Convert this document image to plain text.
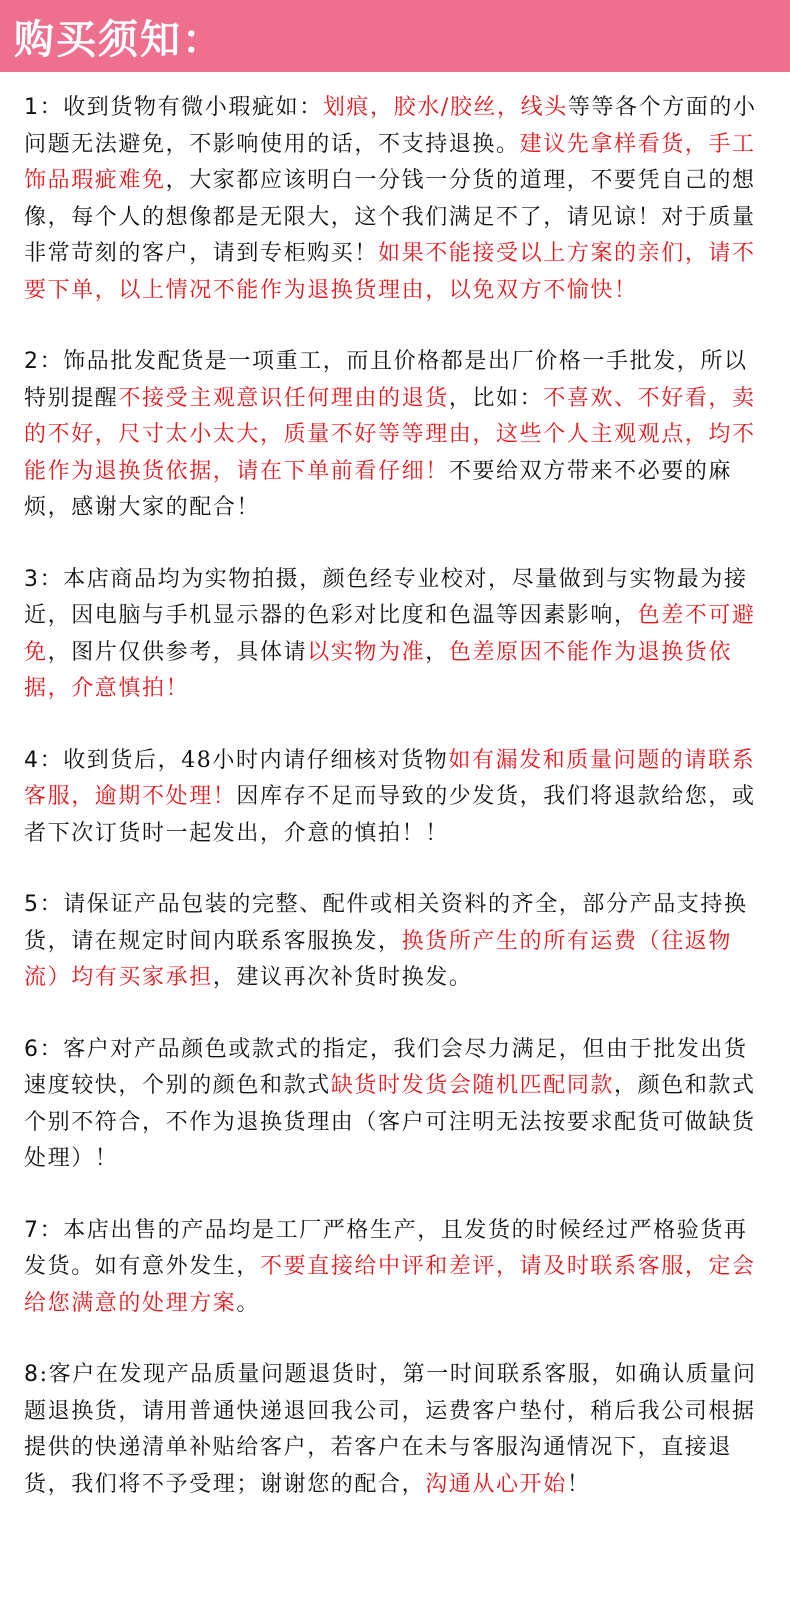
购买须知：

1：收到货物有微小瑕疵如：划痕，胶水/胶丝，线头等等各个方面的小问题无法避免，不影响使用的话，不支持退换。建议先拿样看货，手工饰品瑕疵难免，大家都应该明白一分钱一分货的道理，不要凭自己的想像，每个人的想像都是无限大，这个我们满足不了，请见谅！对于质量非常苛刻的客户，请到专柜购买！如果不能接受以上方案的亲们，请不要下单，以上情况不能作为退换货理由，以免双方不愉快！

2：饰品批发配货是一项重工，而且价格都是出厂价格一手批发，所以特别提醒不接受主观意识任何理由的退货，比如：不喜欢、不好看，卖的不好，尺寸太小太大，质量不好等等理由，这些个人主观观点，均不能作为退换货依据，请在下单前看仔细！不要给双方带来不必要的麻烦，感谢大家的配合！

3：本店商品均为实物拍摄，颜色经专业校对，尽量做到与实物最为接近，因电脑与手机显示器的色彩对比度和色温等因素影响，色差不可避免，图片仅供参考，具体请以实物为准，色差原因不能作为退换货依据，介意慎拍！

4：收到货后，48小时内请仔细核对货物如有漏发和质量问题的请联系客服，逾期不处理！因库存不足而导致的少发货，我们将退款给您，或者下次订货时一起发出，介意的慎拍！！

5：请保证产品包装的完整、配件或相关资料的齐全，部分产品支持换货，请在规定时间内联系客服换发，换货所产生的所有运费（往返物流）均有买家承担，建议再次补货时换发。

6：客户对产品颜色或款式的指定，我们会尽力满足，但由于批发出货速度较快，个别的颜色和款式缺货时发货会随机匹配同款，颜色和款式个别不符合，不作为退换货理由（客户可注明无法按要求配货可做缺货处理）！

7：本店出售的产品均是工厂严格生产，且发货的时候经过严格验货再发货。如有意外发生，不要直接给中评和差评，请及时联系客服，定会给您满意的处理方案。

8:客户在发现产品质量问题退货时，第一时间联系客服，如确认质量问题退换货，请用普通快递退回我公司，运费客户垫付，稍后我公司根据提供的快递清单补贴给客户，若客户在未与客服沟通情况下，直接退货，我们将不予受理；谢谢您的配合，沟通从心开始！
